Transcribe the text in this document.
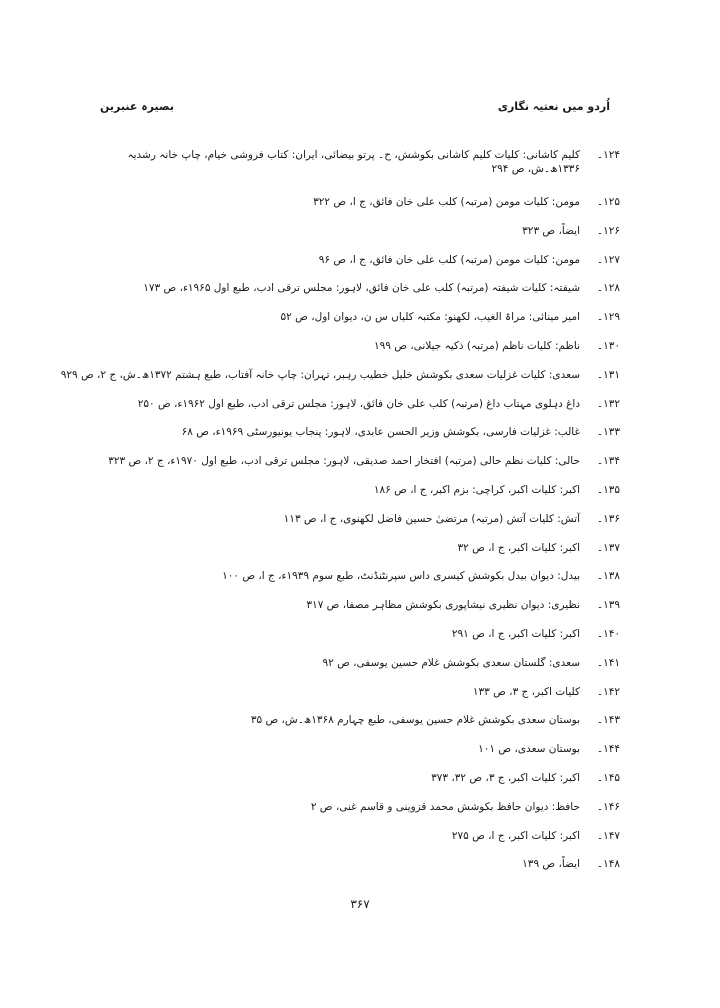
اُردو میں نعتیہ نگاری
بصیرہ عنبرین
۱۲۴۔
کلیم کاشانی: کلیات کلیم کاشانی بکوشش، ح۔ پرتو بیضائی، ایران: کتاب فروشی خیام، چاپ خانہ رشدیہ ۱۳۳۶ھ۔ش، ص ۲۹۴
۱۲۵۔
مومن: کلیات مومن (مرتبہ) کلب علی خان فائق، ج ا، ص ۳۲۲
۱۲۶۔
ایضاً، ص ۳۲۳
۱۲۷۔
مومن: کلیات مومن (مرتبہ) کلب علی خان فائق، ج ا، ص ۹۶
۱۲۸۔
شیفتہ: کلیات شیفتہ (مرتبہ) کلب علی خان فائق، لاہور: مجلس ترقی ادب، طبع اول ۱۹۶۵ء، ص ۱۷۳
۱۲۹۔
امیر مینائی: مراۃ الغیب، لکھنو: مکتبہ کلیاں س ن، دیوان اول، ص ۵۲
۱۳۰۔
ناظم: کلیات ناظم (مرتبہ) ذکیہ جیلانی، ص ۱۹۹
۱۳۱۔
سعدی: کلیات غزلیات سعدی بکوشش خلیل خطیب رہبر، تہران: چاپ خانہ آفتاب، طبع ہشتم ۱۳۷۲ھ۔ش، ج ۲، ص ۹۲۹
۱۳۲۔
داغ دہلوی مہتاب داغ (مرتبہ) کلب علی خان فائق، لاہور: مجلس ترقی ادب، طبع اول ۱۹۶۲ء، ص ۲۵۰
۱۳۳۔
غالب: غزلیات فارسی، بکوشش وزیر الحسن عابدی، لاہور: پنجاب یونیورسٹی ۱۹۶۹ء، ص ۶۸
۱۳۴۔
حالی: کلیات نظم حالی (مرتبہ) افتخار احمد صدیقی، لاہور: مجلس ترقی ادب، طبع اول ۱۹۷۰ء، ج ۲، ص ۳۲۳
۱۳۵۔
اکبر: کلیات اکبر، کراچی: بزم اکبر، ج ا، ص ۱۸۶
۱۳۶۔
آتش: کلیات آتش (مرتبہ) مرتضیٰ حسین فاضل لکھنوی، ج ا، ص ۱۱۳
۱۳۷۔
اکبر: کلیات اکبر، ج ا، ص ۳۲
۱۳۸۔
بیدل: دیوان بیدل بکوشش کیسری داس سپرنٹنڈنٹ، طبع سوم ۱۹۳۹ء، ج ا، ص ۱۰۰
۱۳۹۔
نظیری: دیوان نظیری نیشاپوری بکوشش مظاہر مصفا، ص ۳۱۷
۱۴۰۔
اکبر: کلیات اکبر، ج ا، ص ۲۹۱
۱۴۱۔
سعدی: گلستان سعدی بکوشش غلام حسین یوسفی، ص ۹۲
۱۴۲۔
کلیات اکبر، ج ۳، ص ۱۳۳
۱۴۳۔
بوستان سعدی بکوشش غلام حسین یوسفی، طبع چہارم ۱۳۶۸ھ۔ش، ص ۳۵
۱۴۴۔
بوستان سعدی، ص ۱۰۱
۱۴۵۔
اکبر: کلیات اکبر، ج ۳، ص ۳۲، ۳۷۳
۱۴۶۔
حافظ: دیوان حافظ بکوشش محمد قزوینی و قاسم غنی، ص ۲
۱۴۷۔
اکبر: کلیات اکبر، ج ا، ص ۲۷۵
۱۴۸۔
ایضاً، ص ۱۳۹
۳۶۷
